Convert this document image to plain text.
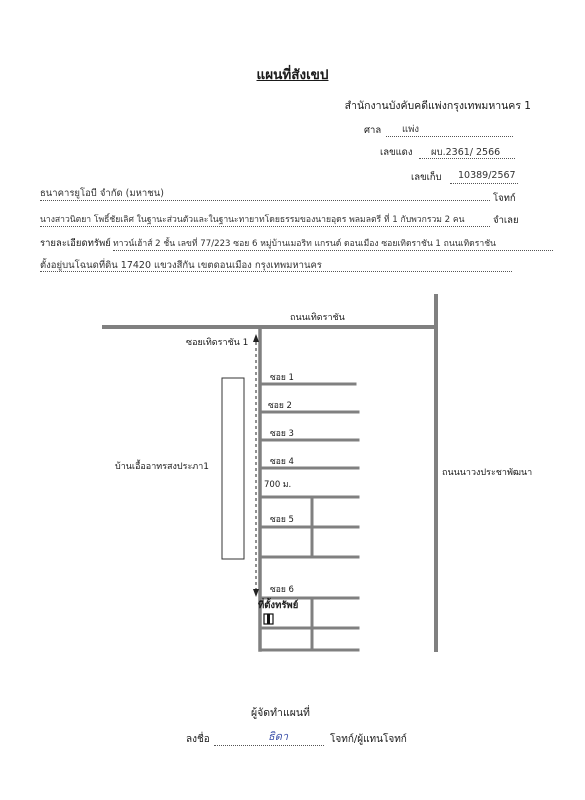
แผนที่สังเขป
สำนักงานบังคับคดีแพ่งกรุงเทพมหานคร 1
ศาล แพ่ง
เลขแดง ผบ.2361/ 2566
เลขเก็บ 10389/2567
ธนาคารยูโอบี จำกัด (มหาชน)	โจทก์
นางสาวนิตยา โพธิ์ชัยเลิศ ในฐานะส่วนตัวและในฐานะทายาทโดยธรรมของนายอุดร พลมลตรี ที่ 1 กับพวกรวม 2 คน	จำเลย
รายละเอียดทรัพย์ ทาวน์เฮ้าส์ 2 ชั้น เลขที่ 77/223 ซอย 6 หมู่บ้านเมอริท แกรนด์ ดอนเมือง ซอยเทิดราชัน 1 ถนนเทิดราชัน
ตั้งอยู่บนโฉนดที่ดิน 17420 แขวงสีกัน เขตดอนเมือง กรุงเทพมหานคร
ถนนเทิดราชัน
ซอยเทิดราชัน 1
ซอย 1
ซอย 2
ซอย 3
ซอย 4
700 ม.
ซอย 5
ซอย 6
บ้านเอื้ออาทรสงประภา1
ถนนนาวงประชาพัฒนา
ที่ตั้งทรัพย์
ผู้จัดทำแผนที่
ลงชื่อ	ธิดา	โจทก์/ผู้แทนโจทก์
